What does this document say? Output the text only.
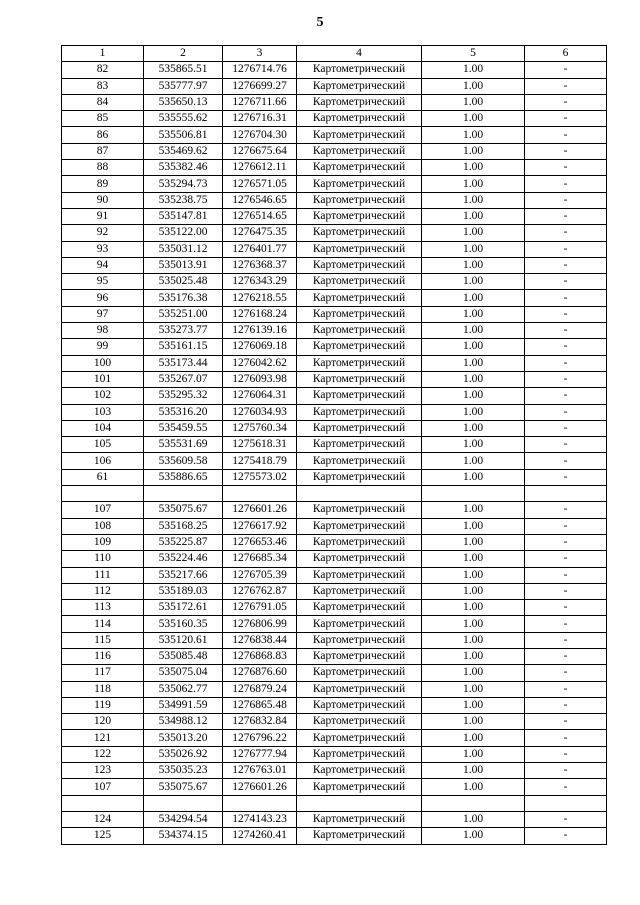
5
1	2	3	4	5	6
82	535865.51	1276714.76	Картометрический	1.00	-
83	535777.97	1276699.27	Картометрический	1.00	-
84	535650.13	1276711.66	Картометрический	1.00	-
85	535555.62	1276716.31	Картометрический	1.00	-
86	535506.81	1276704.30	Картометрический	1.00	-
87	535469.62	1276675.64	Картометрический	1.00	-
88	535382.46	1276612.11	Картометрический	1.00	-
89	535294.73	1276571.05	Картометрический	1.00	-
90	535238.75	1276546.65	Картометрический	1.00	-
91	535147.81	1276514.65	Картометрический	1.00	-
92	535122.00	1276475.35	Картометрический	1.00	-
93	535031.12	1276401.77	Картометрический	1.00	-
94	535013.91	1276368.37	Картометрический	1.00	-
95	535025.48	1276343.29	Картометрический	1.00	-
96	535176.38	1276218.55	Картометрический	1.00	-
97	535251.00	1276168.24	Картометрический	1.00	-
98	535273.77	1276139.16	Картометрический	1.00	-
99	535161.15	1276069.18	Картометрический	1.00	-
100	535173.44	1276042.62	Картометрический	1.00	-
101	535267.07	1276093.98	Картометрический	1.00	-
102	535295.32	1276064.31	Картометрический	1.00	-
103	535316.20	1276034.93	Картометрический	1.00	-
104	535459.55	1275760.34	Картометрический	1.00	-
105	535531.69	1275618.31	Картометрический	1.00	-
106	535609.58	1275418.79	Картометрический	1.00	-
61	535886.65	1275573.02	Картометрический	1.00	-

107	535075.67	1276601.26	Картометрический	1.00	-
108	535168.25	1276617.92	Картометрический	1.00	-
109	535225.87	1276653.46	Картометрический	1.00	-
110	535224.46	1276685.34	Картометрический	1.00	-
111	535217.66	1276705.39	Картометрический	1.00	-
112	535189.03	1276762.87	Картометрический	1.00	-
113	535172.61	1276791.05	Картометрический	1.00	-
114	535160.35	1276806.99	Картометрический	1.00	-
115	535120.61	1276838.44	Картометрический	1.00	-
116	535085.48	1276868.83	Картометрический	1.00	-
117	535075.04	1276876.60	Картометрический	1.00	-
118	535062.77	1276879.24	Картометрический	1.00	-
119	534991.59	1276865.48	Картометрический	1.00	-
120	534988.12	1276832.84	Картометрический	1.00	-
121	535013.20	1276796.22	Картометрический	1.00	-
122	535026.92	1276777.94	Картометрический	1.00	-
123	535035.23	1276763.01	Картометрический	1.00	-
107	535075.67	1276601.26	Картометрический	1.00	-

124	534294.54	1274143.23	Картометрический	1.00	-
125	534374.15	1274260.41	Картометрический	1.00	-
